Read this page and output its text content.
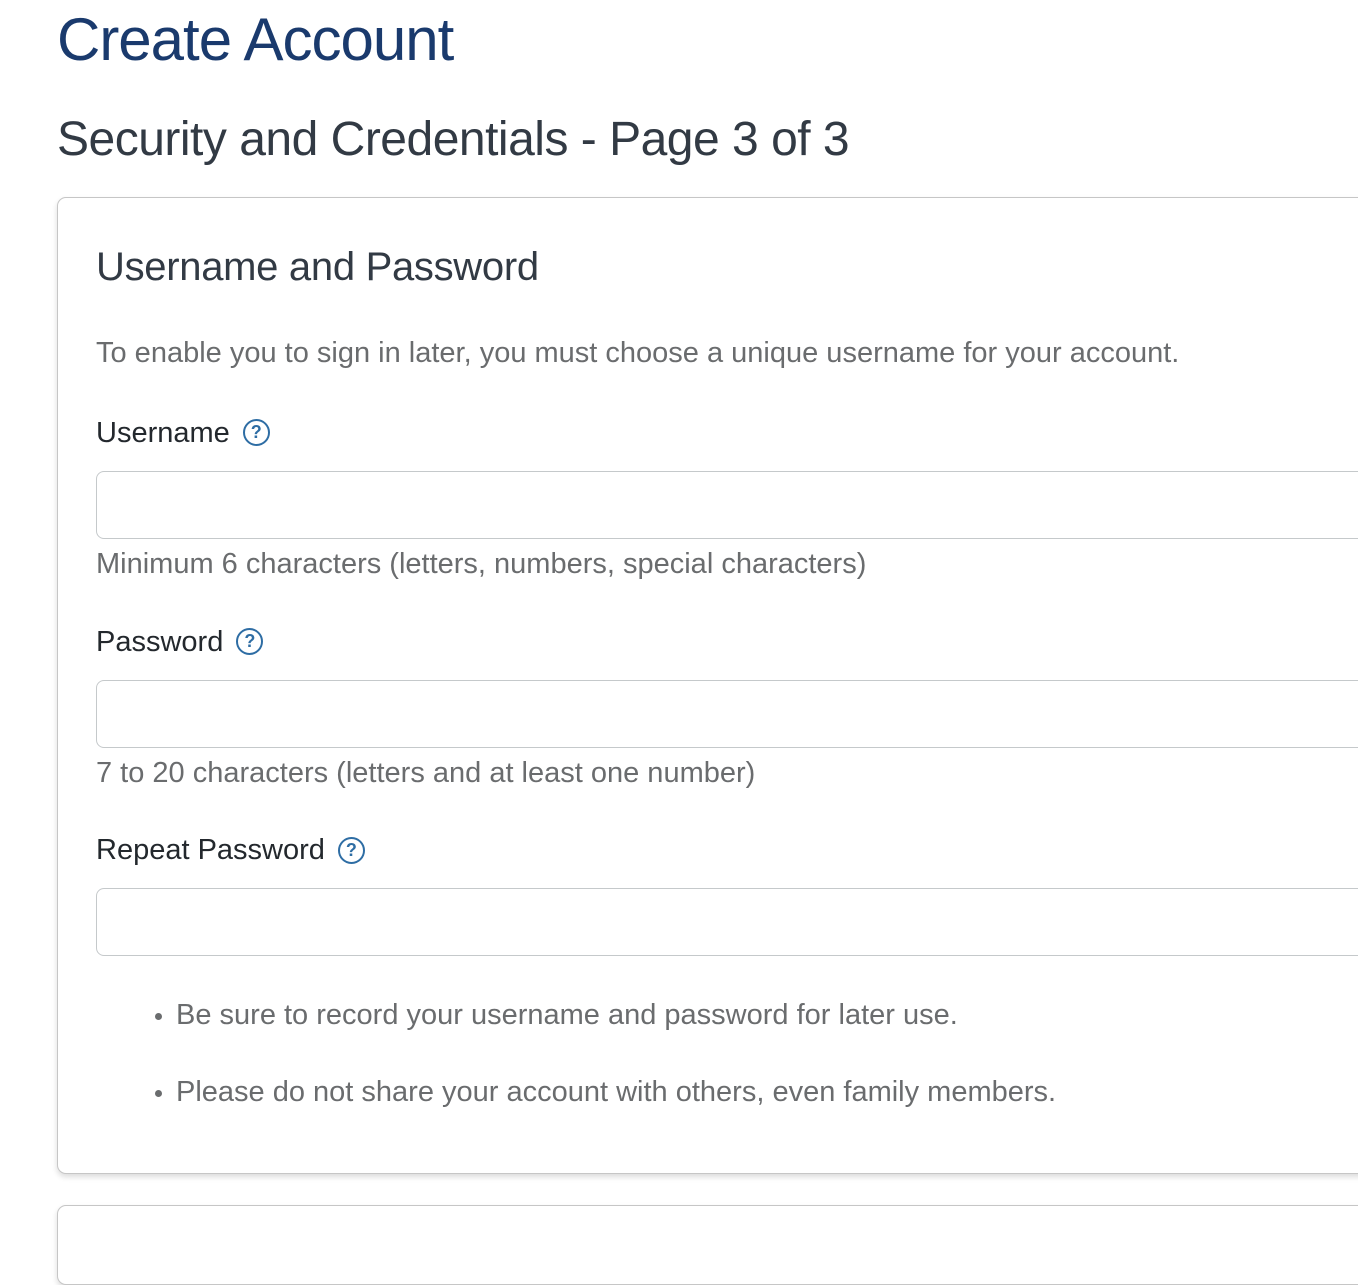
Create Account
Security and Credentials - Page 3 of 3
Username and Password

To enable you to sign in later, you must choose a unique username for your account.

Username	?
Minimum 6 characters (letters, numbers, special characters)
Password	?
7 to 20 characters (letters and at least one number)
Repeat Password	?
• Be sure to record your username and password for later use.
• Please do not share your account with others, even family members.
